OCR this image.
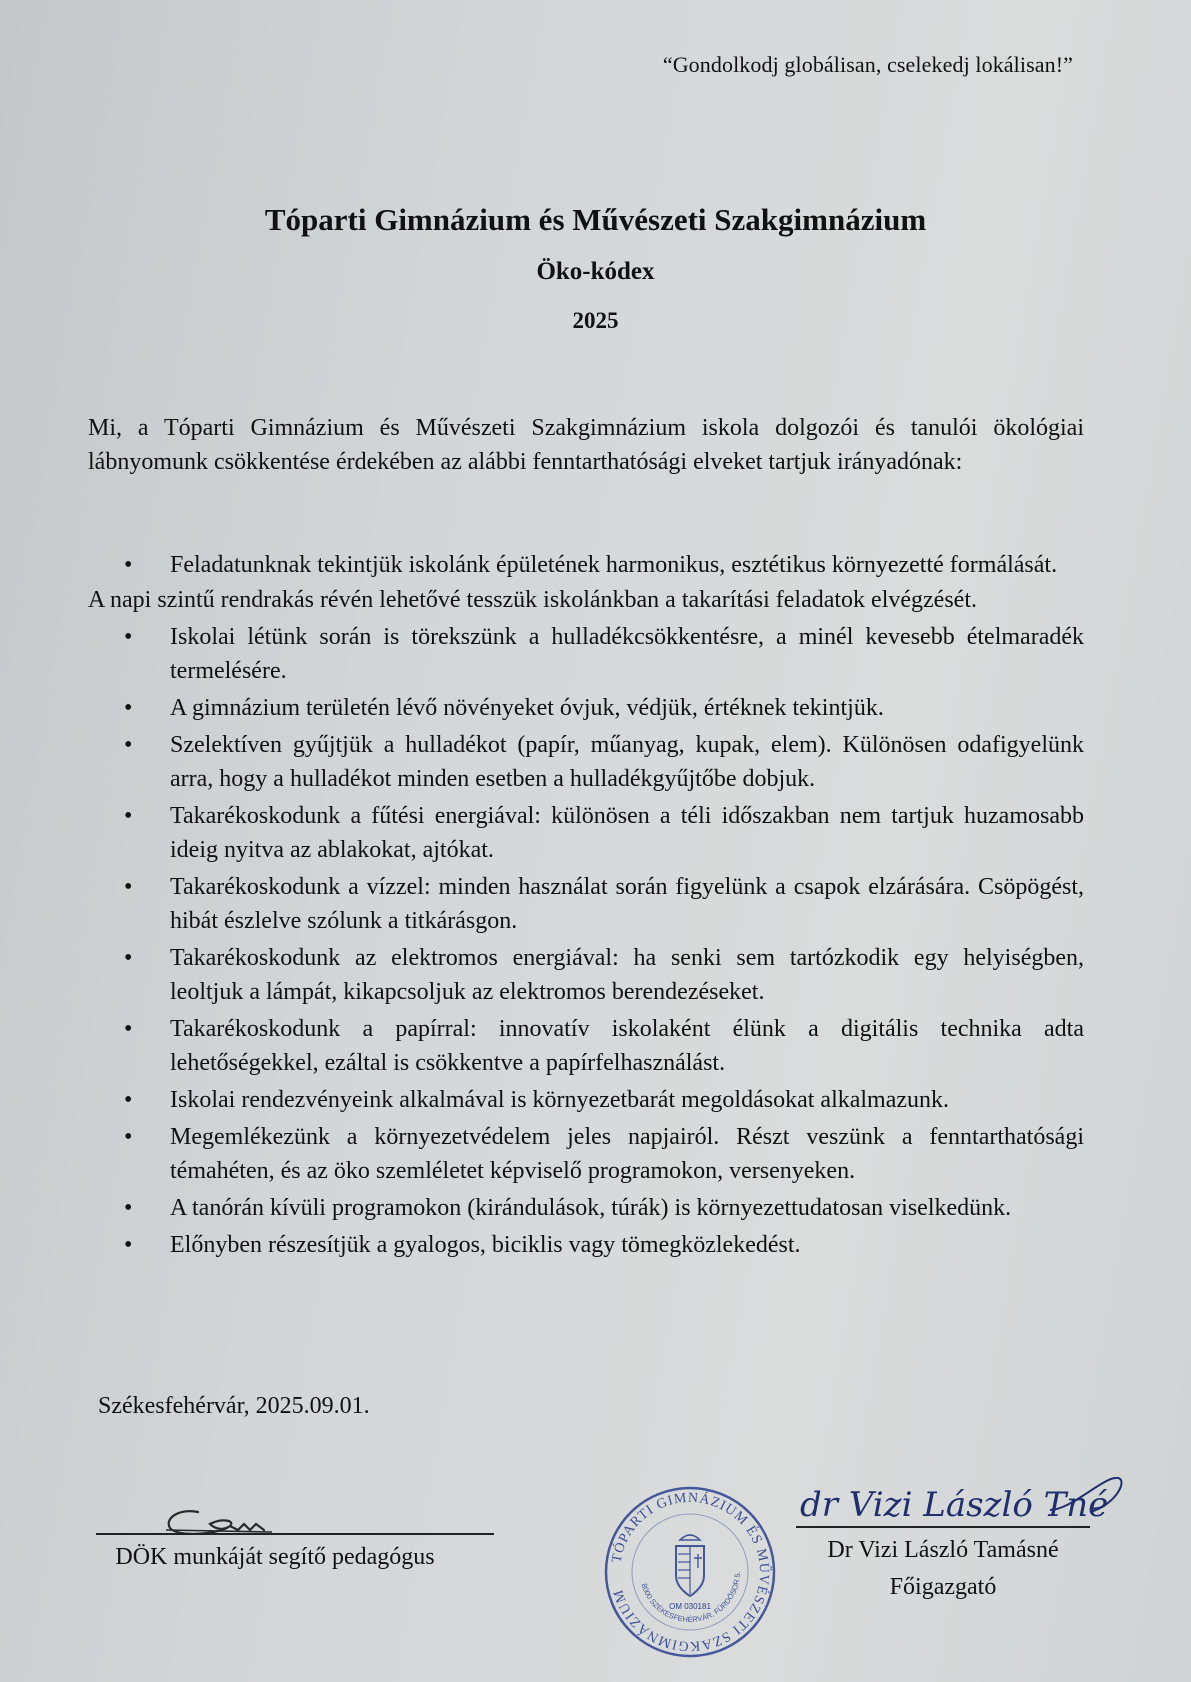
“Gondolkodj globálisan, cselekedj lokálisan!”
Tóparti Gimnázium és Művészeti Szakgimnázium
Öko-kódex
2025
Mi, a Tóparti Gimnázium és Művészeti Szakgimnázium iskola dolgozói és tanulói ökológiai lábnyomunk csökkentése érdekében az alábbi fenntarthatósági elveket tartjuk irányadónak:
• Feladatunknak tekintjük iskolánk épületének harmonikus, esztétikus környezetté formálását.
A napi szintű rendrakás révén lehetővé tesszük iskolánkban a takarítási feladatok elvégzését.
• Iskolai létünk során is törekszünk a hulladékcsökkentésre, a minél kevesebb ételmaradék termelésére.
• A gimnázium területén lévő növényeket óvjuk, védjük, értéknek tekintjük.
• Szelektíven gyűjtjük a hulladékot (papír, műanyag, kupak, elem). Különösen odafigyelünk arra, hogy a hulladékot minden esetben a hulladékgyűjtőbe dobjuk.
• Takarékoskodunk a fűtési energiával: különösen a téli időszakban nem tartjuk huzamosabb ideig nyitva az ablakokat, ajtókat.
• Takarékoskodunk a vízzel: minden használat során figyelünk a csapok elzárására. Csöpögést, hibát észlelve szólunk a titkárásgon.
• Takarékoskodunk az elektromos energiával: ha senki sem tartózkodik egy helyiségben, leoltjuk a lámpát, kikapcsoljuk az elektromos berendezéseket.
• Takarékoskodunk a papírral: innovatív iskolaként élünk a digitális technika adta lehetőségekkel, ezáltal is csökkentve a papírfelhasználást.
• Iskolai rendezvényeink alkalmával is környezetbarát megoldásokat alkalmazunk.
• Megemlékezünk a környezetvédelem jeles napjairól. Részt veszünk a fenntarthatósági témahéten, és az öko szemléletet képviselő programokon, versenyeken.
• A tanórán kívüli programokon (kirándulások, túrák) is környezettudatosan viselkedünk.
• Előnyben részesítjük a gyalogos, biciklis vagy tömegközlekedést.
Székesfehérvár, 2025.09.01.
DÖK munkáját segítő pedagógus	TÓPARTI GIMNÁZIUM ÉS MŰVÉSZETI SZAKGIMNÁZIUM
8000 SZÉKESFEHÉRVÁR, FŰRDŐSOR 5.
OM 030181
dr Vizi László Tné
Dr Vizi László Tamásné
Főigazgató
